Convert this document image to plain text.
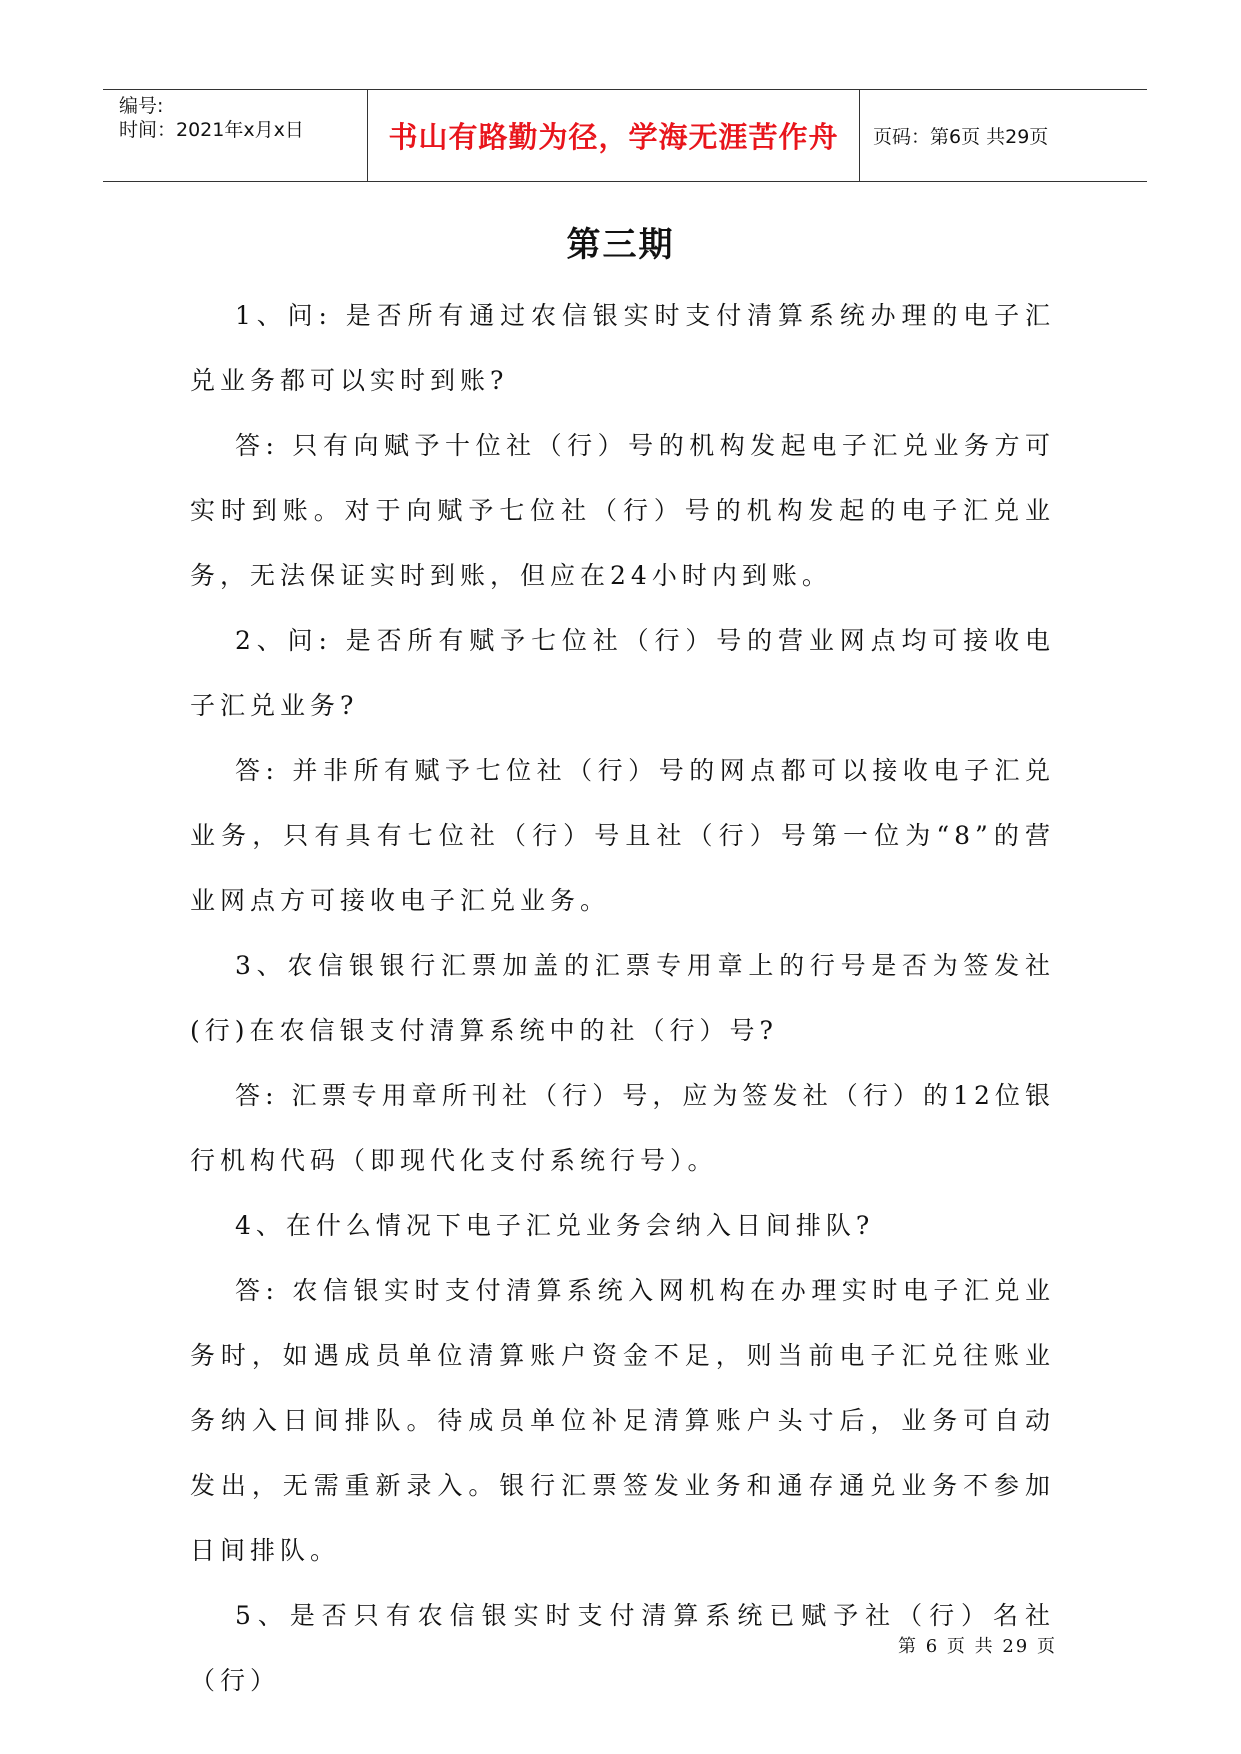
编号:
时间：2021年x月x日	书山有路勤为径，学海无涯苦作舟	页码：第6页 共29页
第三期

1、问: 是否所有通过农信银实时支付清算系统办理的电子汇兑业务都可以实时到账?

答: 只有向赋予十位社（行）号的机构发起电子汇兑业务方可实时到账。对于向赋予七位社（行）号的机构发起的电子汇兑业务，无法保证实时到账，但应在24小时内到账。

2、问: 是否所有赋予七位社（行）号的营业网点均可接收电子汇兑业务?

答: 并非所有赋予七位社（行）号的网点都可以接收电子汇兑业务，只有具有七位社（行）号且社（行）号第一位为“8”的营业网点方可接收电子汇兑业务。

3、农信银银行汇票加盖的汇票专用章上的行号是否为签发社(行)在农信银支付清算系统中的社（行）号?

答: 汇票专用章所刊社（行）号，应为签发社（行）的12位银行机构代码（即现代化支付系统行号）。

4、在什么情况下电子汇兑业务会纳入日间排队?

答: 农信银实时支付清算系统入网机构在办理实时电子汇兑业务时，如遇成员单位清算账户资金不足，则当前电子汇兑往账业务纳入日间排队。待成员单位补足清算账户头寸后，业务可自动发出，无需重新录入。银行汇票签发业务和通存通兑业务不参加日间排队。

5、是否只有农信银实时支付清算系统已赋予社（行）名社（行）

第 6 页 共 29 页
